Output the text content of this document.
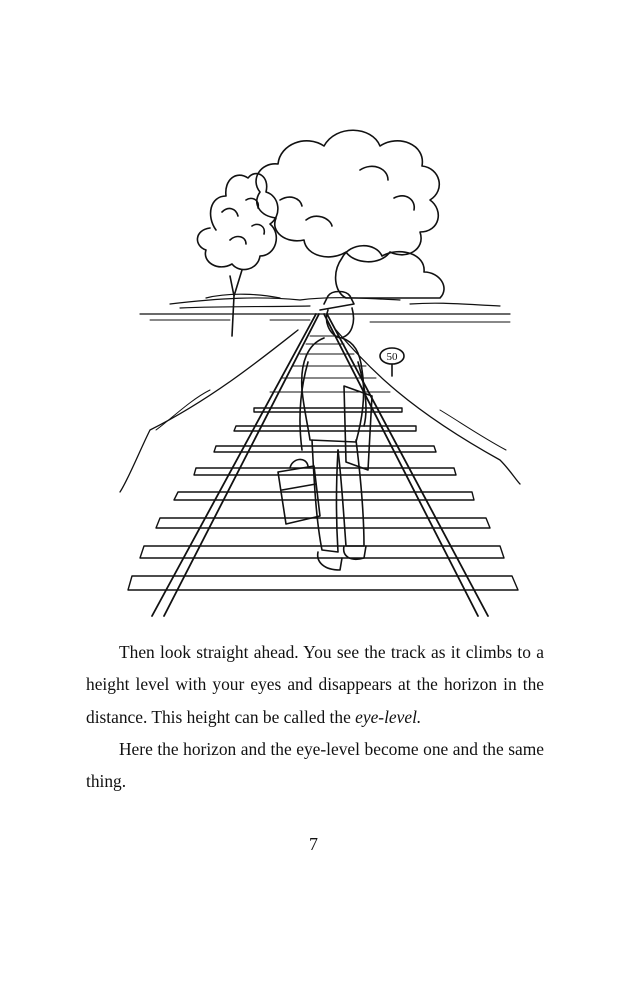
50

Then look straight ahead. You see the track as it climbs to a height level with your eyes and disappears at the horizon in the distance. This height can be called the eye-level.

Here the horizon and the eye-level become one and the same thing.

7
